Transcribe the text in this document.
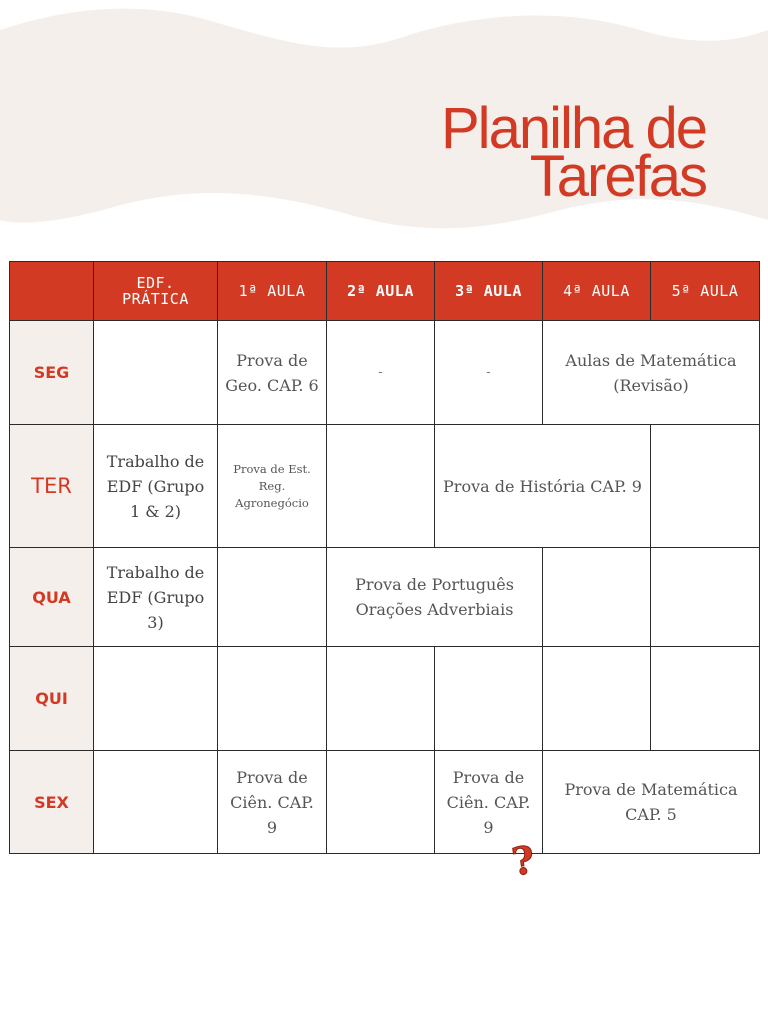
Planilha de
Tarefas
	EDF. PRÁTICA	1ª AULA	2ª AULA	3ª AULA	4ª AULA	5ª AULA
SEG		Prova de Geo. CAP. 6	-	-	Aulas de Matemática (Revisão)	
TER	Trabalho de EDF (Grupo 1 & 2)	Prova de Est. Reg. Agronegócio		Prova de História CAP. 9		
QUA	Trabalho de EDF (Grupo 3)		Prova de Português Orações Adverbiais			
QUI						
SEX		Prova de Ciên. CAP. 9		Prova de Ciên. CAP. 9	Prova de Matemática CAP. 5	
?
